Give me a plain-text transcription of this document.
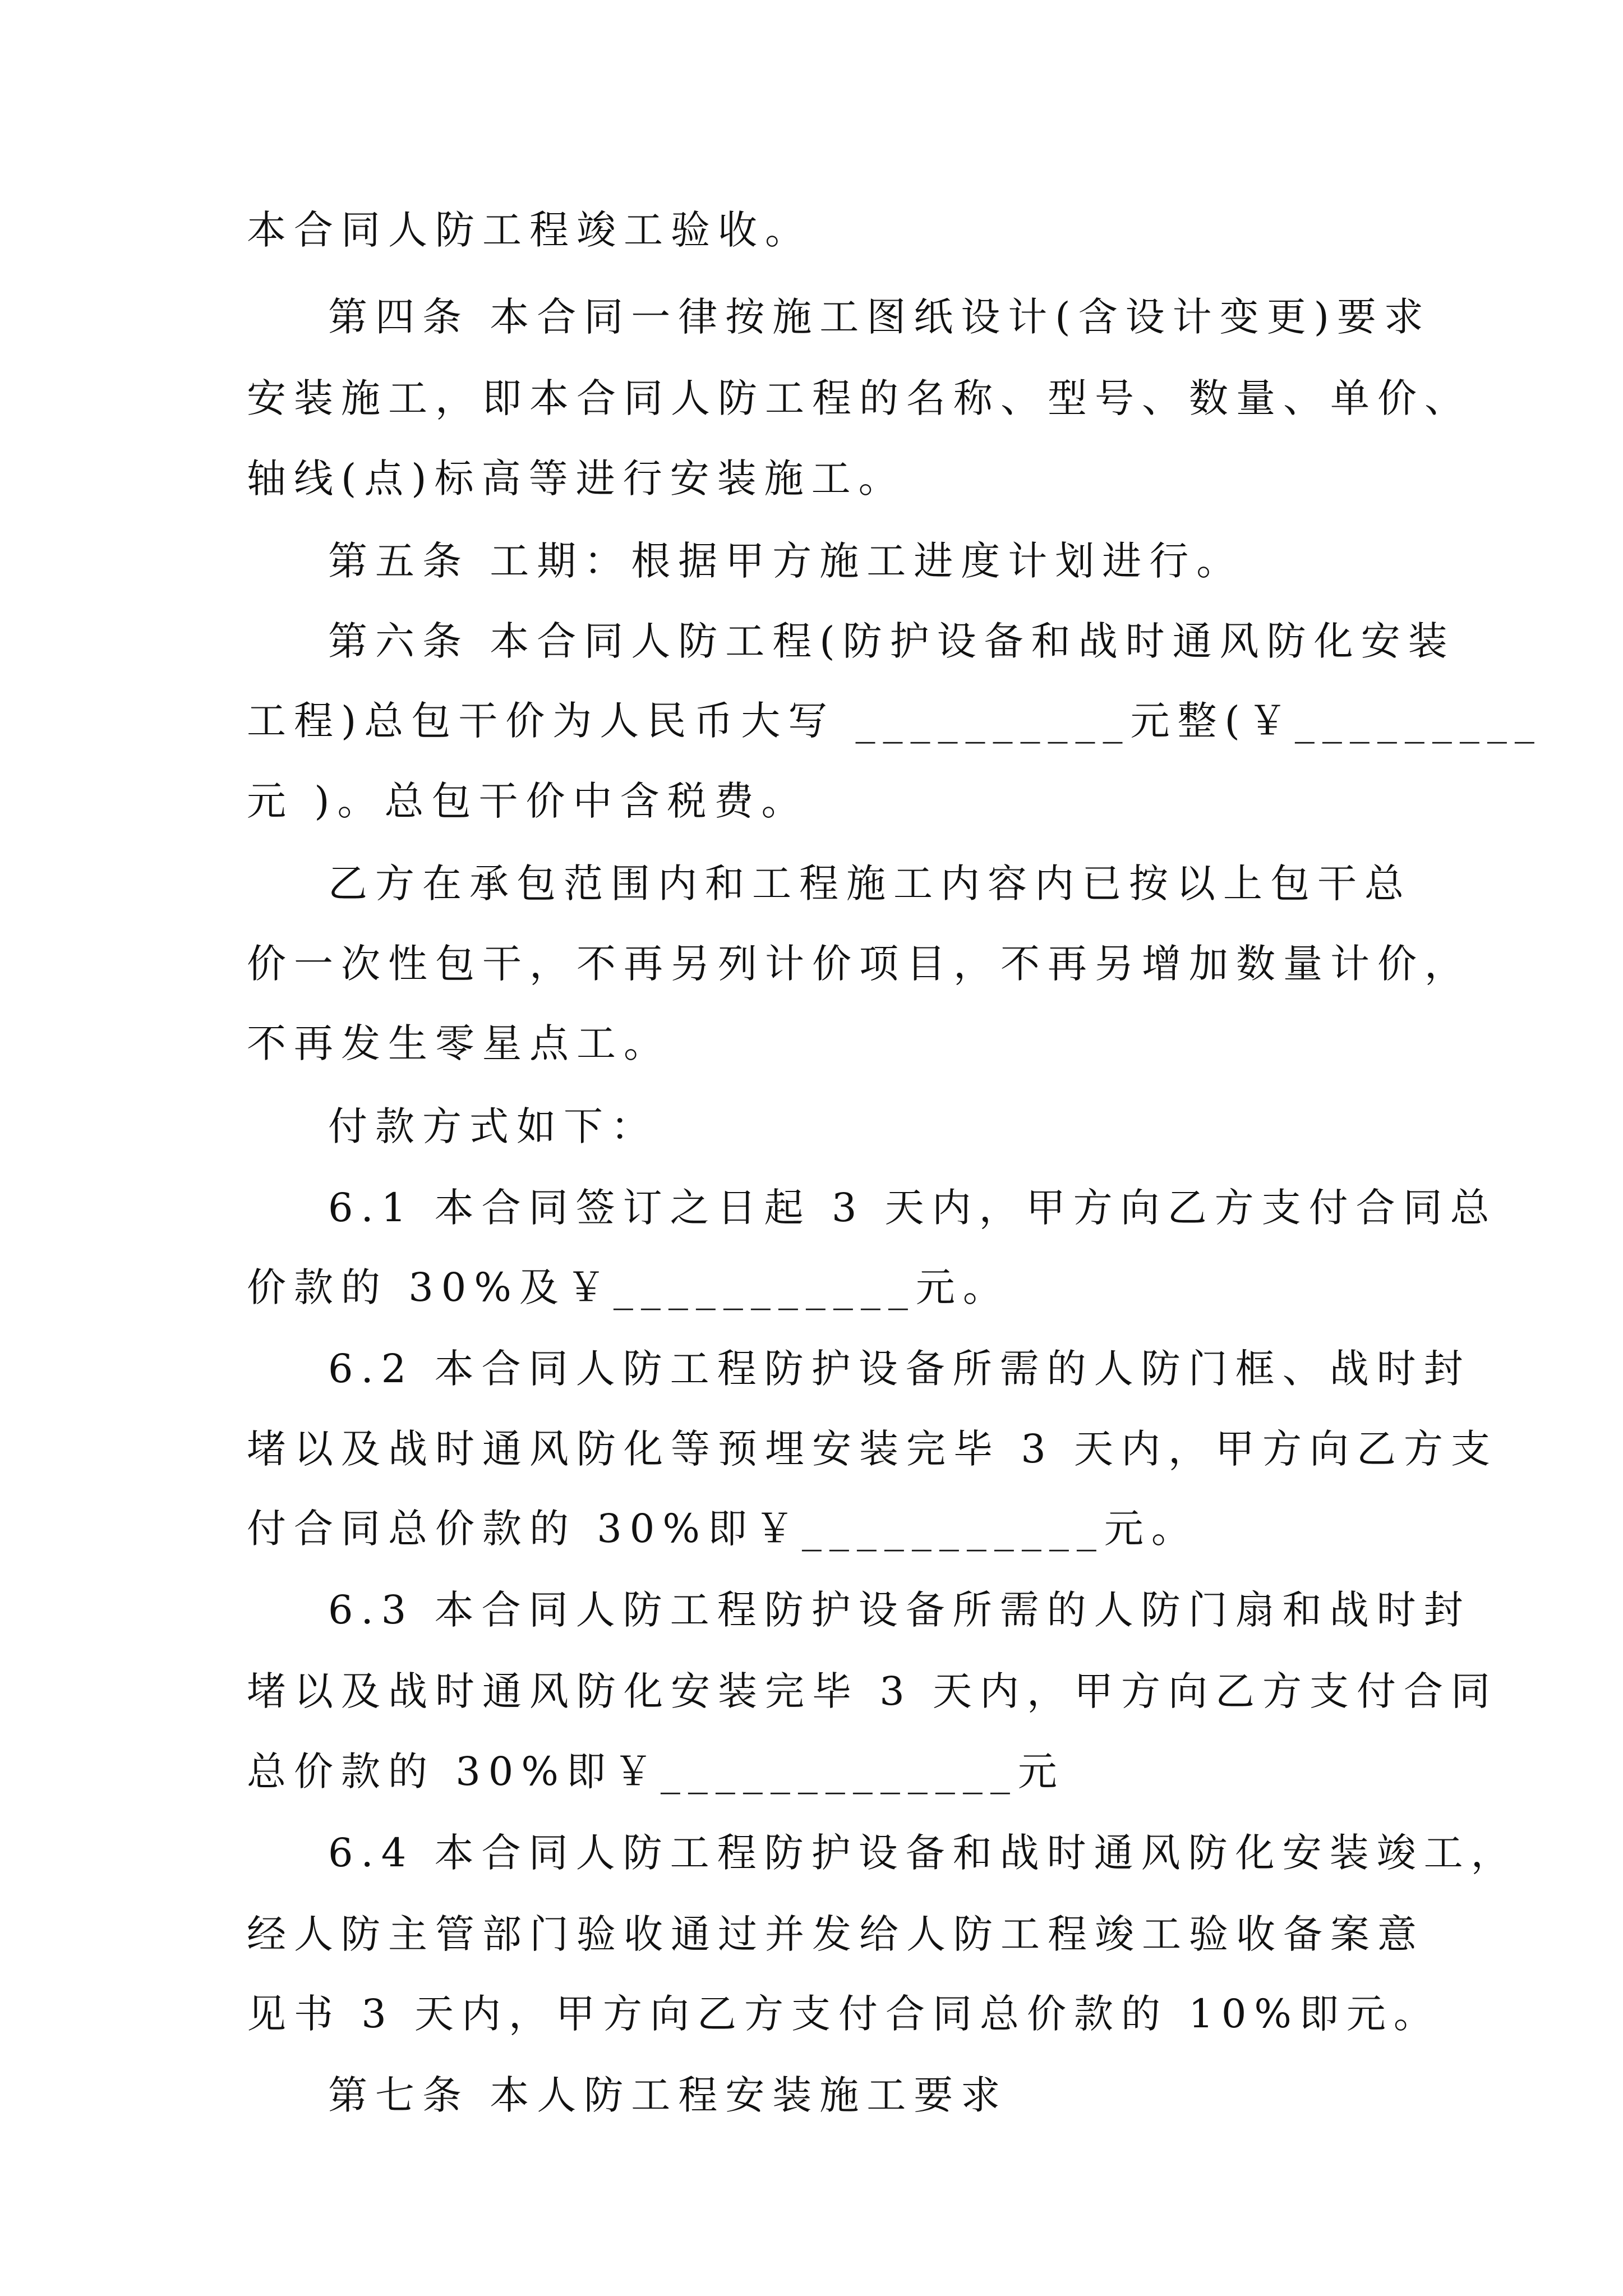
本合同人防工程竣工验收。
第四条 本合同一律按施工图纸设计(含设计变更)要求
安装施工，即本合同人防工程的名称、型号、数量、单价、
轴线(点)标高等进行安装施工。
第五条 工期：根据甲方施工进度计划进行。
第六条 本合同人防工程(防护设备和战时通风防化安装
工程)总包干价为人民币大写 __________元整(￥_________
元 )。总包干价中含税费。
乙方在承包范围内和工程施工内容内已按以上包干总
价一次性包干，不再另列计价项目，不再另增加数量计价，
不再发生零星点工。
付款方式如下：
6.1 本合同签订之日起 3 天内，甲方向乙方支付合同总
价款的 30%及￥___________元。
6.2 本合同人防工程防护设备所需的人防门框、战时封
堵以及战时通风防化等预埋安装完毕 3 天内，甲方向乙方支
付合同总价款的 30%即￥___________元。
6.3 本合同人防工程防护设备所需的人防门扇和战时封
堵以及战时通风防化安装完毕 3 天内，甲方向乙方支付合同
总价款的 30%即￥_____________元
6.4 本合同人防工程防护设备和战时通风防化安装竣工，
经人防主管部门验收通过并发给人防工程竣工验收备案意
见书 3 天内，甲方向乙方支付合同总价款的 10%即元。
第七条 本人防工程安装施工要求
